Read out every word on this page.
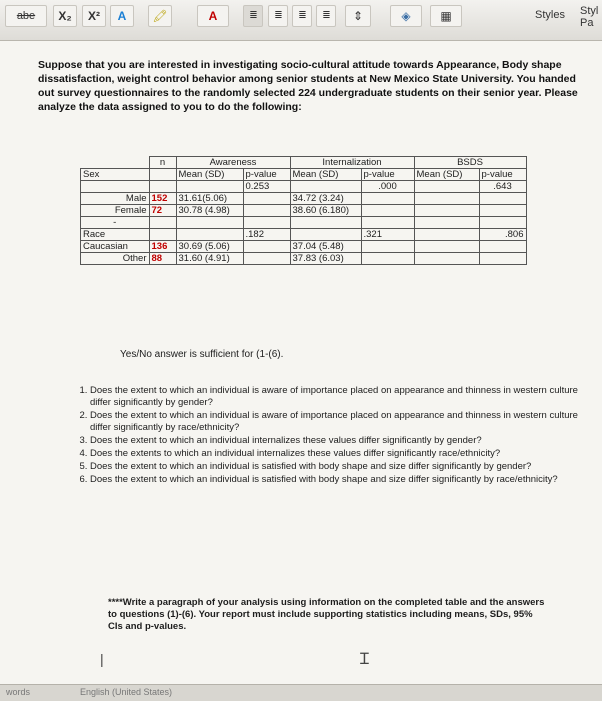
abe	X₂	X²	A	🖍	A	≣	≣	≣	≣	⇕	◈	▦	Styles Styl
Pa
Suppose that you are interested in investigating socio-cultural attitude towards Appearance, Body shape dissatisfaction, weight control behavior among senior students at New Mexico State University. You handed out survey questionnaires to the randomly selected 224 undergraduate students on their senior year. Please analyze the data assigned to you to do the following:
	n	Awareness		Internalization		BSDS	
Sex		Mean (SD)	p-value	Mean (SD)	p-value	Mean (SD)	p-value
			0.253		.000		.643
Male	152	31.61(5.06)		34.72 (3.24)			
Female	72	30.78 (4.98)		38.60 (6.180)			
-							
Race			.182		.321		.806
Caucasian	136	30.69 (5.06)		37.04 (5.48)			
Other	88	31.60 (4.91)		37.83 (6.03)			
Yes/No answer is sufficient for (1-(6).
1. Does the extent to which an individual is aware of importance placed on appearance and thinness in western culture differ significantly by gender?
2. Does the extent to which an individual is aware of importance placed on appearance and thinness in western culture differ significantly by race/ethnicity?
3. Does the extent to which an individual internalizes these values differ significantly by gender?
4. Does the extents to which an individual internalizes these values differ significantly race/ethnicity?
5. Does the extent to which an individual is satisfied with body shape and size differ significantly by gender?
6. Does the extent to which an individual is satisfied with body shape and size differ significantly by race/ethnicity?
****Write a paragraph of your analysis using information on the completed table and the answers to questions (1)-(6). Your report must include supporting statistics including means, SDs, 95% CIs and p-values.
|	Ɪ
words	English (United States)
